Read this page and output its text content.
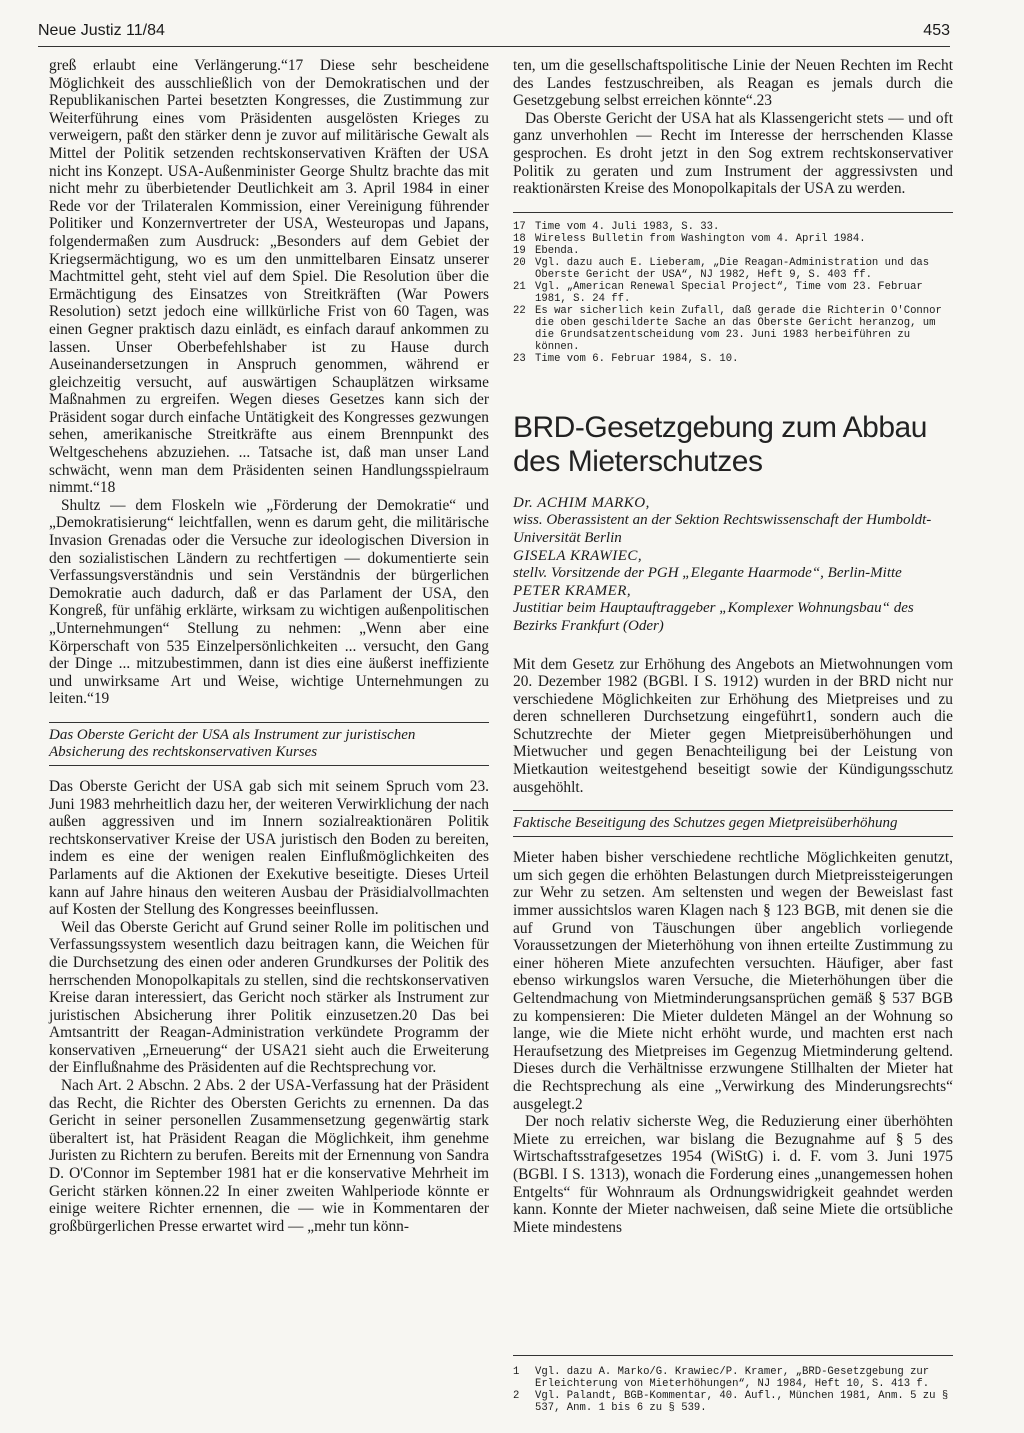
Neue Justiz 11/84	453

greß erlaubt eine Verlängerung.“17 Diese sehr bescheidene Möglichkeit des ausschließlich von der Demokratischen und der Republikanischen Partei besetzten Kongresses, die Zustimmung zur Weiterführung eines vom Präsidenten ausgelösten Krieges zu verweigern, paßt den stärker denn je zuvor auf militärische Gewalt als Mittel der Politik setzenden rechtskonservativen Kräften der USA nicht ins Konzept. USA-Außenminister George Shultz brachte das mit nicht mehr zu überbietender Deutlichkeit am 3. April 1984 in einer Rede vor der Trilateralen Kommission, einer Vereinigung führender Politiker und Konzernvertreter der USA, Westeuropas und Japans, folgendermaßen zum Ausdruck: „Besonders auf dem Gebiet der Kriegsermächtigung, wo es um den unmittelbaren Einsatz unserer Machtmittel geht, steht viel auf dem Spiel. Die Resolution über die Ermächtigung des Einsatzes von Streitkräften (War Powers Resolution) setzt jedoch eine willkürliche Frist von 60 Tagen, was einen Gegner praktisch dazu einlädt, es einfach darauf ankommen zu lassen. Unser Oberbefehlshaber ist zu Hause durch Auseinandersetzungen in Anspruch genommen, während er gleichzeitig versucht, auf auswärtigen Schauplätzen wirksame Maßnahmen zu ergreifen. Wegen dieses Gesetzes kann sich der Präsident sogar durch einfache Untätigkeit des Kongresses gezwungen sehen, amerikanische Streitkräfte aus einem Brennpunkt des Weltgeschehens abzuziehen. ... Tatsache ist, daß man unser Land schwächt, wenn man dem Präsidenten seinen Handlungsspielraum nimmt.“18

Shultz — dem Floskeln wie „Förderung der Demokratie“ und „Demokratisierung“ leichtfallen, wenn es darum geht, die militärische Invasion Grenadas oder die Versuche zur ideologischen Diversion in den sozialistischen Ländern zu rechtfertigen — dokumentierte sein Verfassungsverständnis und sein Verständnis der bürgerlichen Demokratie auch dadurch, daß er das Parlament der USA, den Kongreß, für unfähig erklärte, wirksam zu wichtigen außenpolitischen „Unternehmungen“ Stellung zu nehmen: „Wenn aber eine Körperschaft von 535 Einzelpersönlichkeiten ... versucht, den Gang der Dinge ... mitzubestimmen, dann ist dies eine äußerst ineffiziente und unwirksame Art und Weise, wichtige Unternehmungen zu leiten.“19

Das Oberste Gericht der USA als Instrument zur juristischen Absicherung des rechtskonservativen Kurses

Das Oberste Gericht der USA gab sich mit seinem Spruch vom 23. Juni 1983 mehrheitlich dazu her, der weiteren Verwirklichung der nach außen aggressiven und im Innern sozialreaktionären Politik rechtskonservativer Kreise der USA juristisch den Boden zu bereiten, indem es eine der wenigen realen Einflußmöglichkeiten des Parlaments auf die Aktionen der Exekutive beseitigte. Dieses Urteil kann auf Jahre hinaus den weiteren Ausbau der Präsidialvollmachten auf Kosten der Stellung des Kongresses beeinflussen.

Weil das Oberste Gericht auf Grund seiner Rolle im politischen und Verfassungssystem wesentlich dazu beitragen kann, die Weichen für die Durchsetzung des einen oder anderen Grundkurses der Politik des herrschenden Monopolkapitals zu stellen, sind die rechtskonservativen Kreise daran interessiert, das Gericht noch stärker als Instrument zur juristischen Absicherung ihrer Politik einzusetzen.20 Das bei Amtsantritt der Reagan-Administration verkündete Programm der konservativen „Erneuerung“ der USA21 sieht auch die Erweiterung der Einflußnahme des Präsidenten auf die Rechtsprechung vor.

Nach Art. 2 Abschn. 2 Abs. 2 der USA-Verfassung hat der Präsident das Recht, die Richter des Obersten Gerichts zu ernennen. Da das Gericht in seiner personellen Zusammensetzung gegenwärtig stark überaltert ist, hat Präsident Reagan die Möglichkeit, ihm genehme Juristen zu Richtern zu berufen. Bereits mit der Ernennung von Sandra D. O'Connor im September 1981 hat er die konservative Mehrheit im Gericht stärken können.22 In einer zweiten Wahlperiode könnte er einige weitere Richter ernennen, die — wie in Kommentaren der großbürgerlichen Presse erwartet wird — „mehr tun könn-

ten, um die gesellschaftspolitische Linie der Neuen Rechten im Recht des Landes festzuschreiben, als Reagan es jemals durch die Gesetzgebung selbst erreichen könnte“.23

Das Oberste Gericht der USA hat als Klassengericht stets — und oft ganz unverhohlen — Recht im Interesse der herrschenden Klasse gesprochen. Es droht jetzt in den Sog extrem rechtskonservativer Politik zu geraten und zum Instrument der aggressivsten und reaktionärsten Kreise des Monopolkapitals der USA zu werden.

17 Time vom 4. Juli 1983, S. 33.
18 Wireless Bulletin from Washington vom 4. April 1984.
19 Ebenda.
20 Vgl. dazu auch E. Lieberam, „Die Reagan-Administration und das Oberste Gericht der USA“, NJ 1982, Heft 9, S. 403 ff.
21 Vgl. „American Renewal Special Project“, Time vom 23. Februar 1981, S. 24 ff.
22 Es war sicherlich kein Zufall, daß gerade die Richterin O'Connor die oben geschilderte Sache an das Oberste Gericht heranzog, um die Grundsatzentscheidung vom 23. Juni 1983 herbeiführen zu können.
23 Time vom 6. Februar 1984, S. 10.
BRD-Gesetzgebung zum Abbau
des Mieterschutzes
Dr. ACHIM MARKO,
wiss. Oberassistent an der Sektion Rechtswissenschaft der Humboldt-Universität Berlin
GISELA KRAWIEC,
stellv. Vorsitzende der PGH „Elegante Haarmode“, Berlin-Mitte
PETER KRAMER,
Justitiar beim Hauptauftraggeber „Komplexer Wohnungsbau“ des Bezirks Frankfurt (Oder)

Mit dem Gesetz zur Erhöhung des Angebots an Mietwohnungen vom 20. Dezember 1982 (BGBl. I S. 1912) wurden in der BRD nicht nur verschiedene Möglichkeiten zur Erhöhung des Mietpreises und zu deren schnelleren Durchsetzung eingeführt1, sondern auch die Schutzrechte der Mieter gegen Mietpreisüberhöhungen und Mietwucher und gegen Benachteiligung bei der Leistung von Mietkaution weitestgehend beseitigt sowie der Kündigungsschutz ausgehöhlt.

Faktische Beseitigung des Schutzes gegen Mietpreisüberhöhung

Mieter haben bisher verschiedene rechtliche Möglichkeiten genutzt, um sich gegen die erhöhten Belastungen durch Mietpreissteigerungen zur Wehr zu setzen. Am seltensten und wegen der Beweislast fast immer aussichtslos waren Klagen nach § 123 BGB, mit denen sie die auf Grund von Täuschungen über angeblich vorliegende Voraussetzungen der Mieterhöhung von ihnen erteilte Zustimmung zu einer höheren Miete anzufechten versuchten. Häufiger, aber fast ebenso wirkungslos waren Versuche, die Mieterhöhungen über die Geltendmachung von Mietminderungsansprüchen gemäß § 537 BGB zu kompensieren: Die Mieter duldeten Mängel an der Wohnung so lange, wie die Miete nicht erhöht wurde, und machten erst nach Heraufsetzung des Mietpreises im Gegenzug Mietminderung geltend. Dieses durch die Verhältnisse erzwungene Stillhalten der Mieter hat die Rechtsprechung als eine „Verwirkung des Minderungsrechts“ ausgelegt.2

Der noch relativ sicherste Weg, die Reduzierung einer überhöhten Miete zu erreichen, war bislang die Bezugnahme auf § 5 des Wirtschaftsstrafgesetzes 1954 (WiStG) i. d. F. vom 3. Juni 1975 (BGBl. I S. 1313), wonach die Forderung eines „unangemessen hohen Entgelts“ für Wohnraum als Ordnungswidrigkeit geahndet werden kann. Konnte der Mieter nachweisen, daß seine Miete die ortsübliche Miete mindestens

1	Vgl. dazu A. Marko/G. Krawiec/P. Kramer, „BRD-Gesetzgebung zur Erleichterung von Mieterhöhungen“, NJ 1984, Heft 10, S. 413 f.
2	Vgl. Palandt, BGB-Kommentar, 40. Aufl., München 1981, Anm. 5 zu § 537, Anm. 1 bis 6 zu § 539.
